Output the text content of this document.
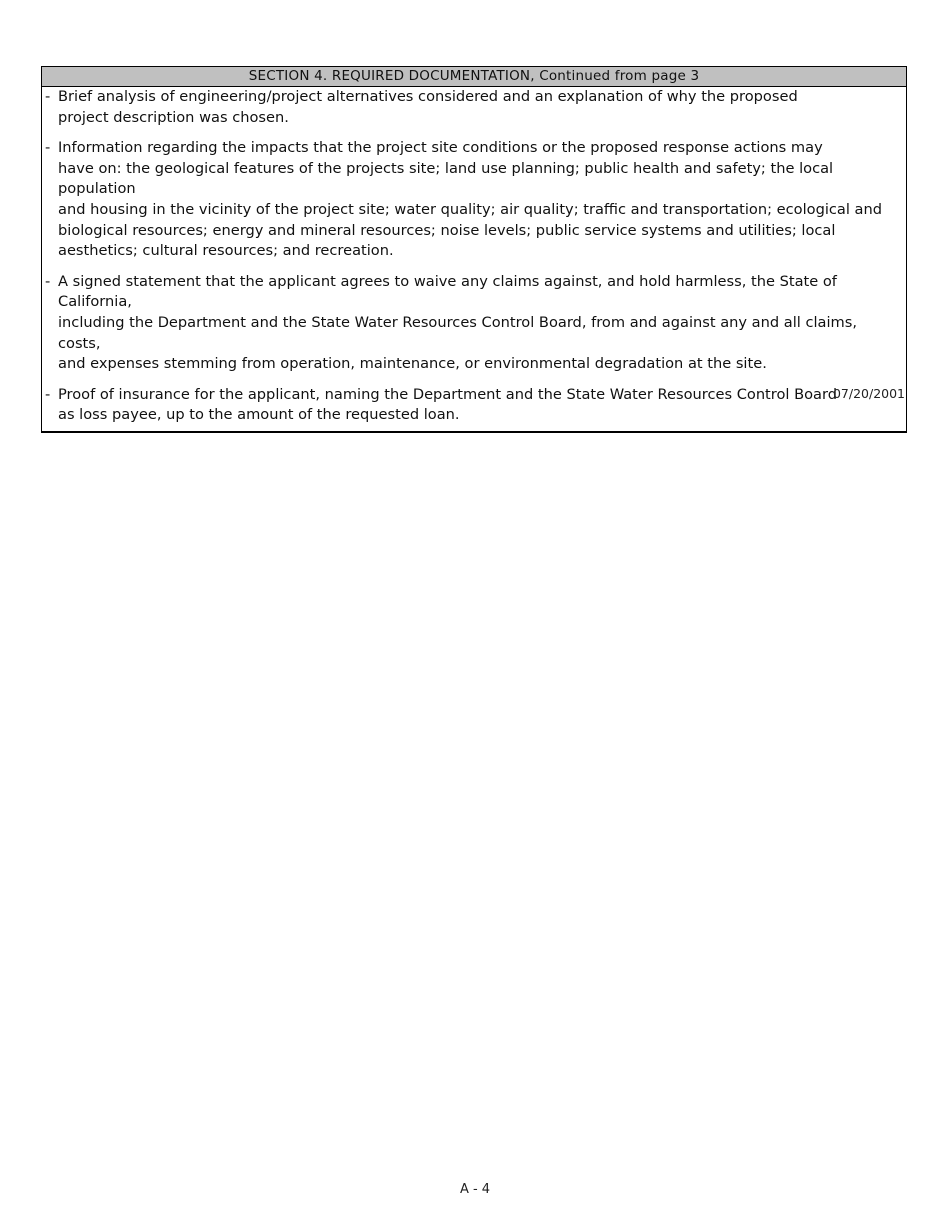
SECTION 4. REQUIRED DOCUMENTATION, Continued from page 3
- Brief analysis of engineering/project alternatives considered and an explanation of why the proposed
project description was chosen.
- Information regarding the impacts that the project site conditions or the proposed response actions may
have on: the geological features of the projects site; land use planning; public health and safety; the local population
and housing in the vicinity of the project site; water quality; air quality; traffic and transportation; ecological and
biological resources; energy and mineral resources; noise levels; public service systems and utilities; local
aesthetics; cultural resources; and recreation.
- A signed statement that the applicant agrees to waive any claims against, and hold harmless, the State of California,
including the Department and the State Water Resources Control Board, from and against any and all claims, costs,
and expenses stemming from operation, maintenance, or environmental degradation at the site.
- Proof of insurance for the applicant, naming the Department and the State Water Resources Control Board
as loss payee, up to the amount of the requested loan.
07/20/2001
A - 4
